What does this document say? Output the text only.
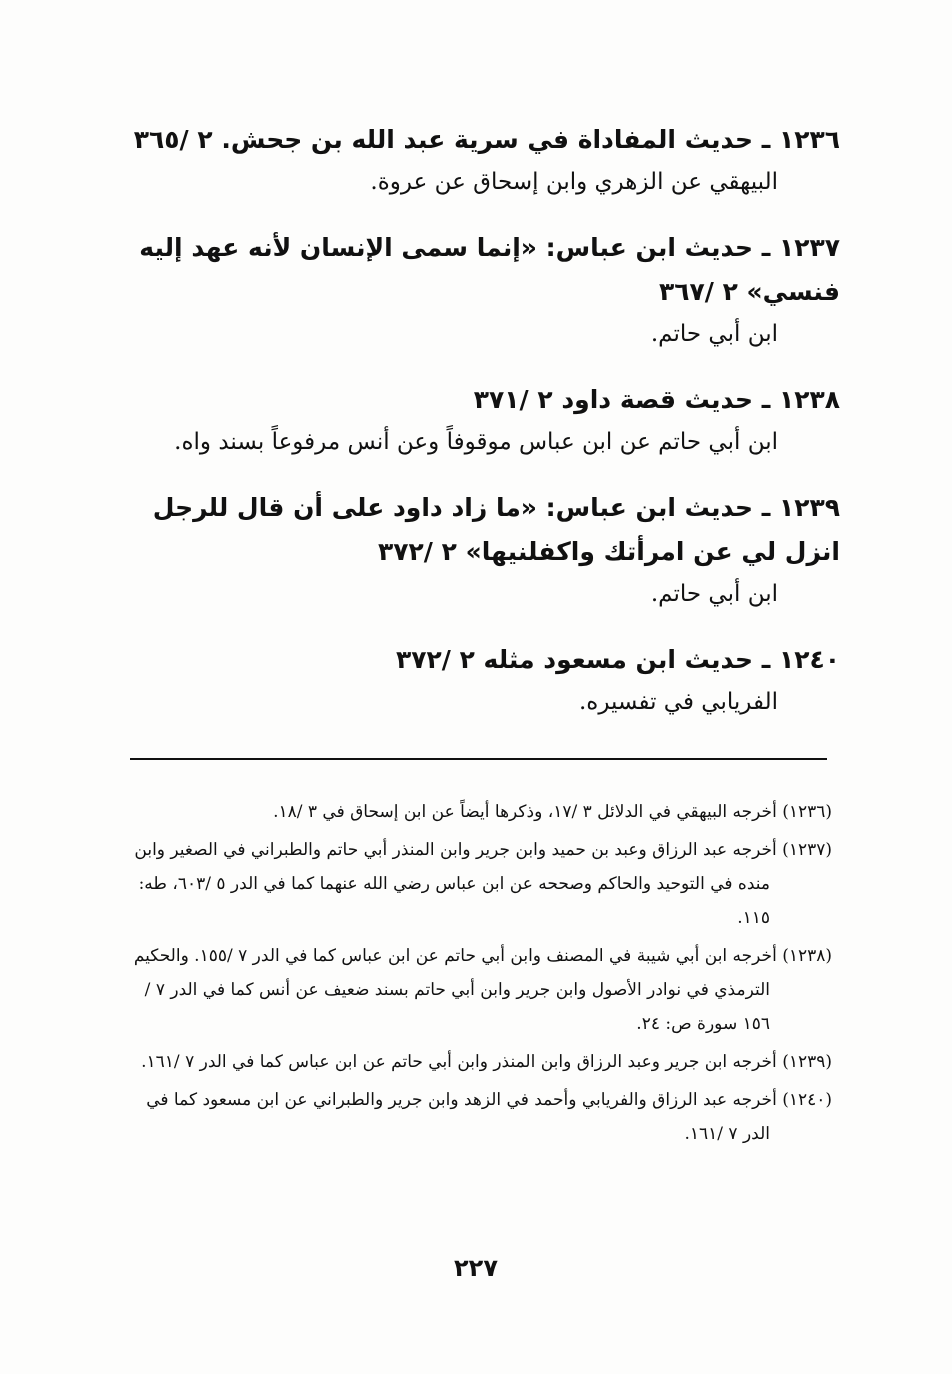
١٢٣٦ ـ حديث المفاداة في سرية عبد الله بن جحش. ٢ /٣٦٥
البيهقي عن الزهري وابن إسحاق عن عروة.
١٢٣٧ ـ حديث ابن عباس: «إنما سمى الإنسان لأنه عهد إليه فنسي» ٢ /٣٦٧
ابن أبي حاتم.
١٢٣٨ ـ حديث قصة داود ٢ /٣٧١
ابن أبي حاتم عن ابن عباس موقوفاً وعن أنس مرفوعاً بسند واه.
١٢٣٩ ـ حديث ابن عباس: «ما زاد داود على أن قال للرجل انزل لي عن امرأتك واكفلنيها» ٢ /٣٧٢
ابن أبي حاتم.
١٢٤٠ ـ حديث ابن مسعود مثله ٢ /٣٧٢
الفريابي في تفسيره.
(١٢٣٦) أخرجه البيهقي في الدلائل ٣ /١٧، وذكرها أيضاً عن ابن إسحاق في ٣ /١٨.
(١٢٣٧) أخرجه عبد الرزاق وعبد بن حميد وابن جرير وابن المنذر أبي حاتم والطبراني في الصغير وابن منده في التوحيد والحاكم وصححه عن ابن عباس رضي الله عنهما كما في الدر ٥ /٦٠٣، طه: ١١٥.
(١٢٣٨) أخرجه ابن أبي شيبة في المصنف وابن أبي حاتم عن ابن عباس كما في الدر ٧ /١٥٥. والحكيم الترمذي في نوادر الأصول وابن جرير وابن أبي حاتم بسند ضعيف عن أنس كما في الدر ٧ /١٥٦ سورة ص: ٢٤.
(١٢٣٩) أخرجه ابن جرير وعبد الرزاق وابن المنذر وابن أبي حاتم عن ابن عباس كما في الدر ٧ /١٦١.
(١٢٤٠) أخرجه عبد الرزاق والفريابي وأحمد في الزهد وابن جرير والطبراني عن ابن مسعود كما في الدر ٧ /١٦١.
٢٢٧
